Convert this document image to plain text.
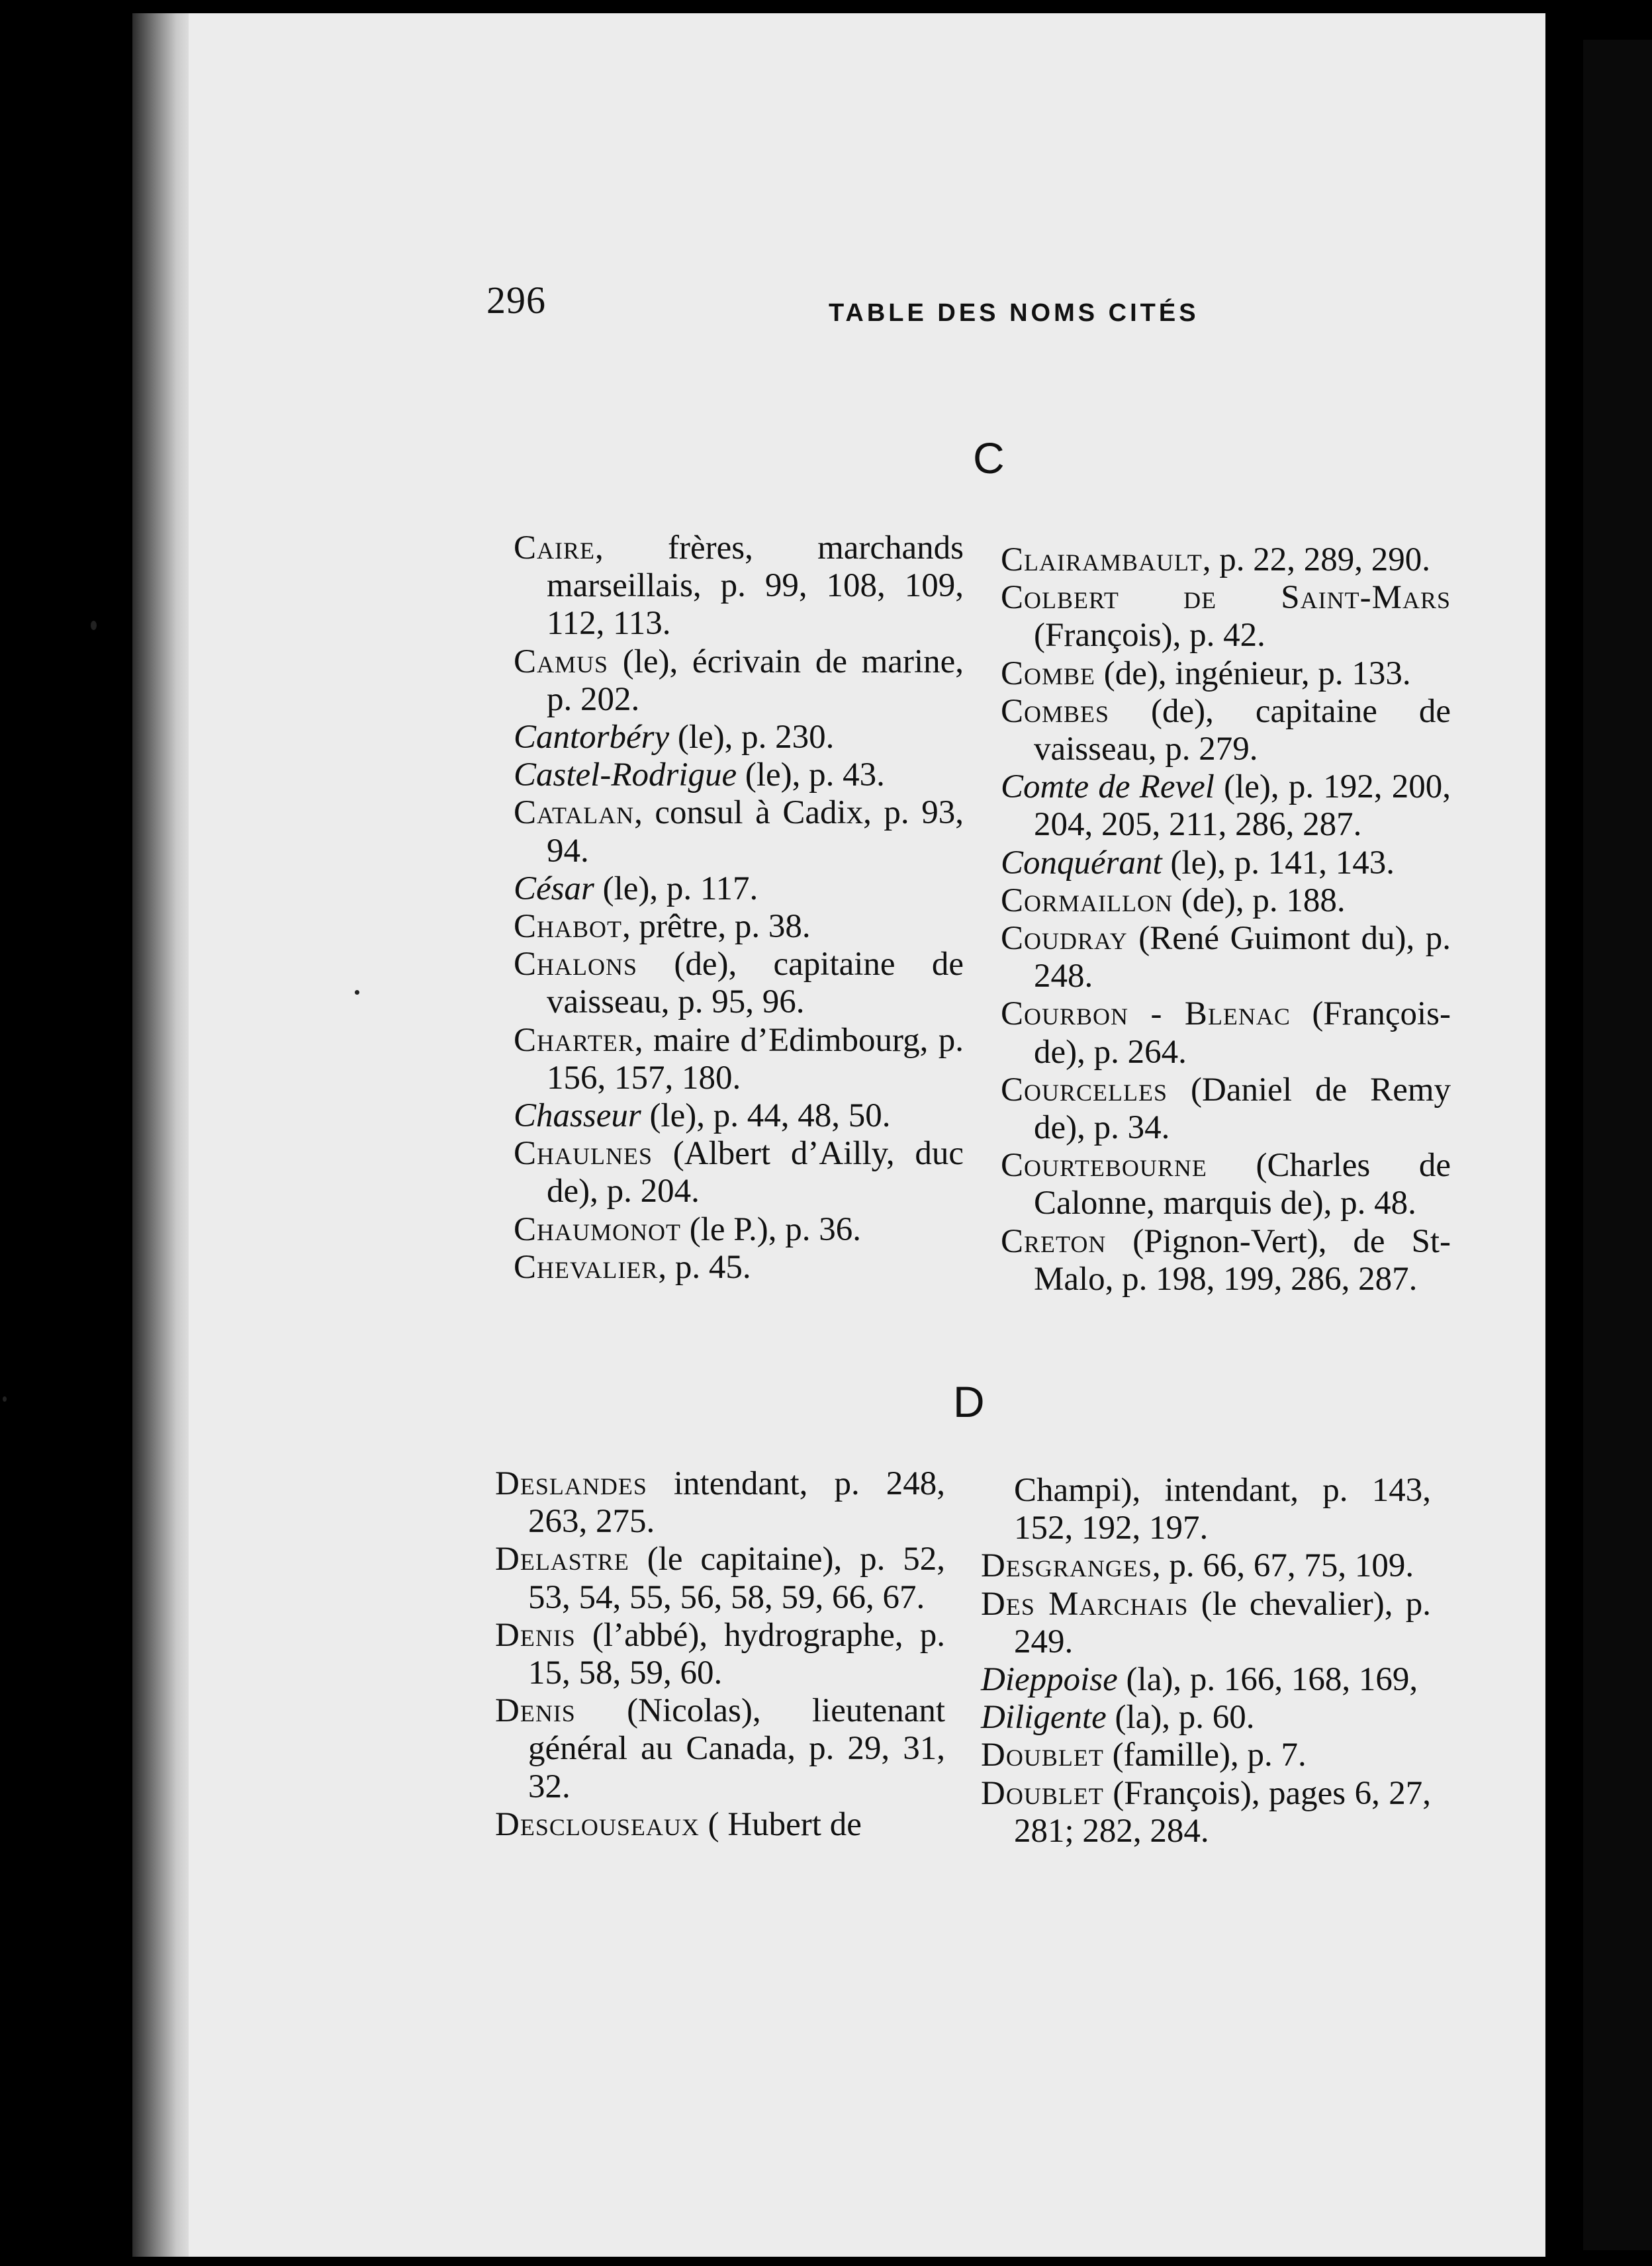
296	TABLE DES NOMS CITÉS
C
Caire, frères, marchands marseillais, p. 99, 108, 109, 112, 113.
Camus (le), écrivain de marine, p. 202.
Cantorbéry (le), p. 230.
Castel-Rodrigue (le), p. 43.
Catalan, consul à Cadix, p. 93, 94.
César (le), p. 117.
Chabot, prêtre, p. 38.
Chalons (de), capitaine de vaisseau, p. 95, 96.
Charter, maire d’Edimbourg, p. 156, 157, 180.
Chasseur (le), p. 44, 48, 50.
Chaulnes (Albert d’Ailly, duc de), p. 204.
Chaumonot (le P.), p. 36.
Chevalier, p. 45.
Clairambault, p. 22, 289, 290.
Colbert de Saint-Mars (François), p. 42.
Combe (de), ingénieur, p. 133.
Combes (de), capitaine de vaisseau, p. 279.
Comte de Revel (le), p. 192, 200, 204, 205, 211, 286, 287.
Conquérant (le), p. 141, 143.
Cormaillon (de), p. 188.
Coudray (René Guimont du), p. 248.
Courbon - Blenac (François-de), p. 264.
Courcelles (Daniel de Remy de), p. 34.
Courtebourne (Charles de Calonne, marquis de), p. 48.
Creton (Pignon-Vert), de St-Malo, p. 198, 199, 286, 287.
D
Deslandes intendant, p. 248, 263, 275.
Delastre (le capitaine), p. 52, 53, 54, 55, 56, 58, 59, 66, 67.
Denis (l’abbé), hydrographe, p. 15, 58, 59, 60.
Denis (Nicolas), lieutenant général au Canada, p. 29, 31, 32.
Desclouseaux ( Hubert de
Champi), intendant, p. 143, 152, 192, 197.
Desgranges, p. 66, 67, 75, 109.
Des Marchais (le chevalier), p. 249.
Dieppoise (la), p. 166, 168, 169,
Diligente (la), p. 60.
Doublet (famille), p. 7.
Doublet (François), pages 6, 27, 281; 282, 284.
